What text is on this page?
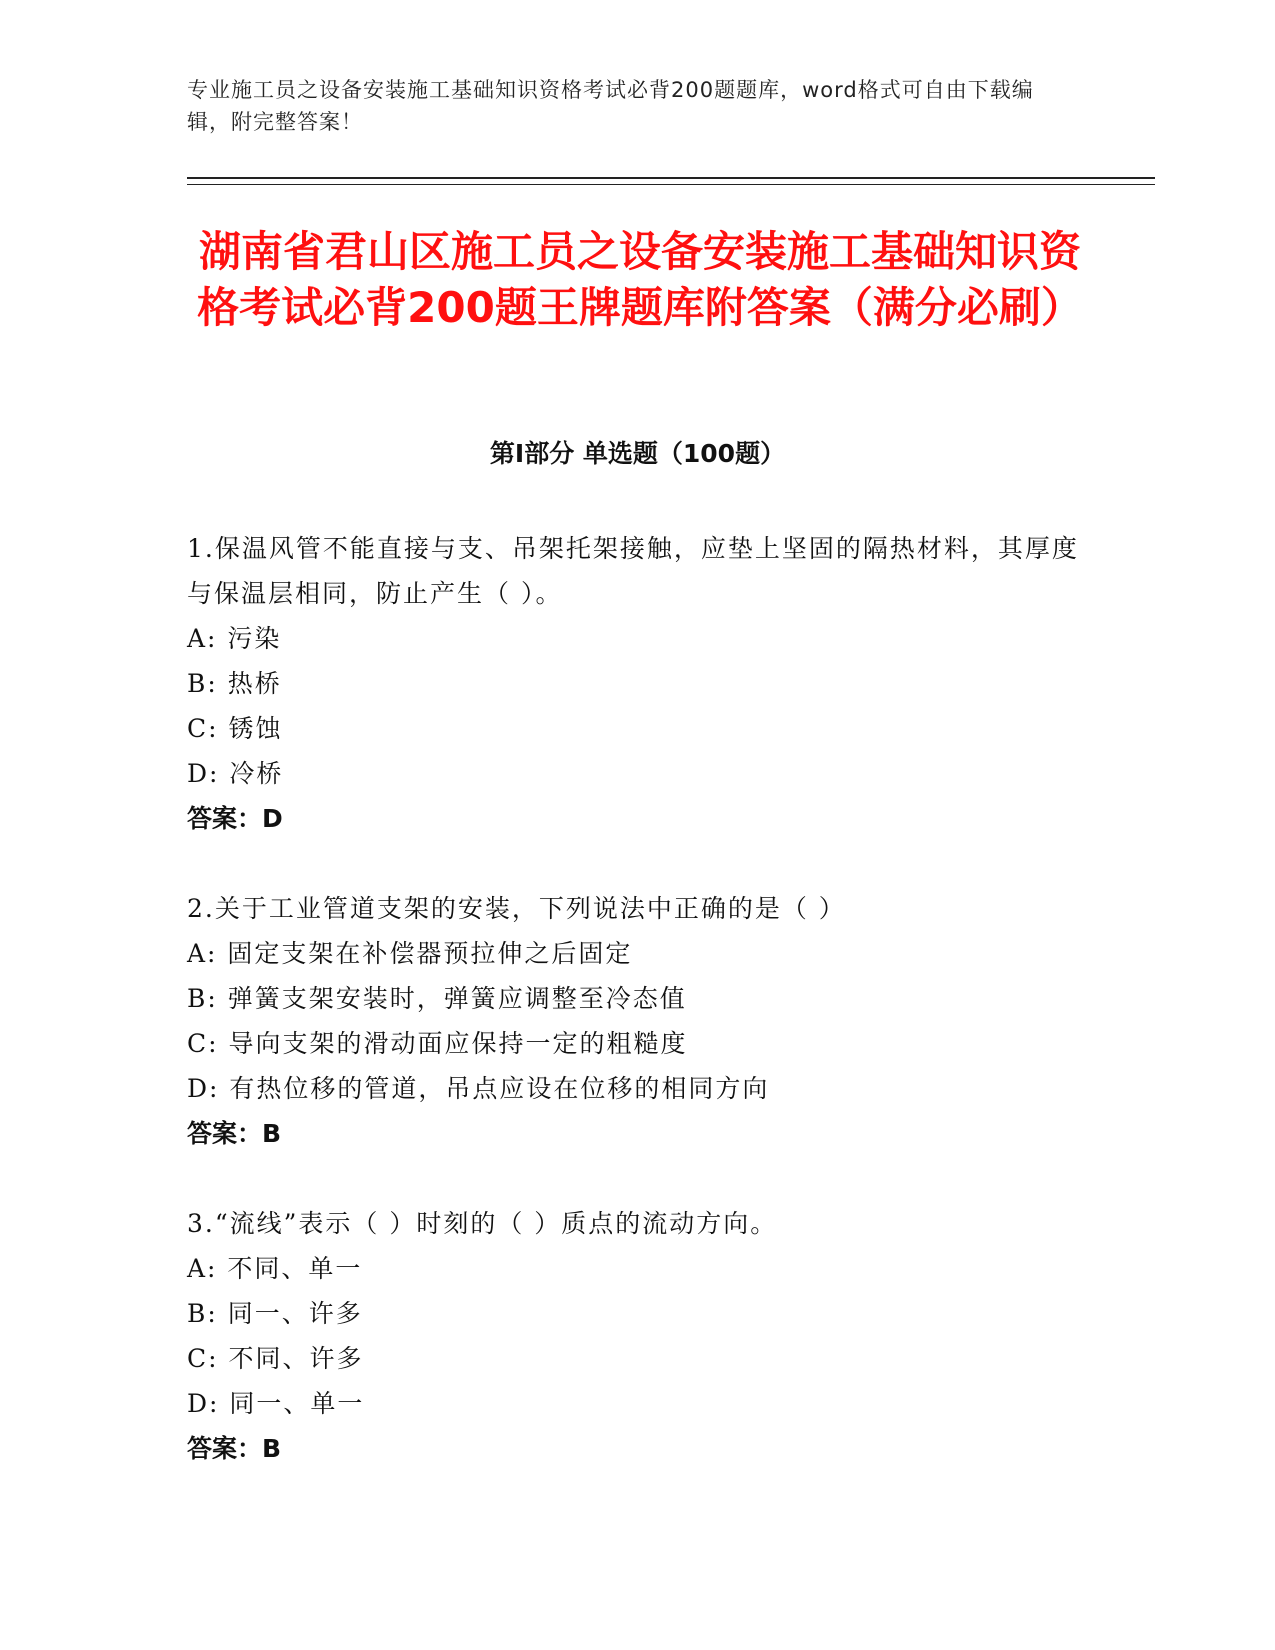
专业施工员之设备安装施工基础知识资格考试必背200题题库，word格式可自由下载编辑，附完整答案！
湖南省君山区施工员之设备安装施工基础知识资格考试必背200题王牌题库附答案（满分必刷）
第Ⅰ部分 单选题（100题）

1.保温风管不能直接与支、吊架托架接触，应垫上坚固的隔热材料，其厚度与保温层相同，防止产生（ ）。

A: 污染

B: 热桥

C: 锈蚀

D: 冷桥

答案：D

2.关于工业管道支架的安装，下列说法中正确的是（ ）

A: 固定支架在补偿器预拉伸之后固定

B: 弹簧支架安装时，弹簧应调整至冷态值

C: 导向支架的滑动面应保持一定的粗糙度

D: 有热位移的管道，吊点应设在位移的相同方向

答案：B

3.“流线”表示（ ）时刻的（ ）质点的流动方向。

A: 不同、单一

B: 同一、许多

C: 不同、许多

D: 同一、单一

答案：B
